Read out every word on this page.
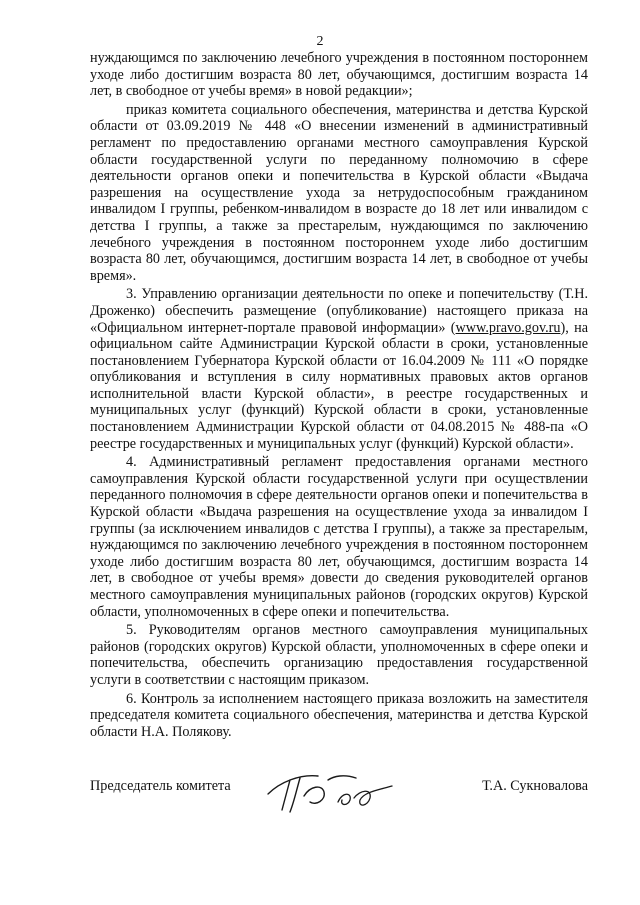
2

нуждающимся по заключению лечебного учреждения в постоянном постороннем уходе либо достигшим возраста 80 лет, обучающимся, достигшим возраста 14 лет, в свободное от учебы время» в новой редакции»;

приказ комитета социального обеспечения, материнства и детства Курской области от 03.09.2019 № 448 «О внесении изменений в административный регламент по предоставлению органами местного самоуправления Курской области государственной услуги по переданному полномочию в сфере деятельности органов опеки и попечительства в Курской области «Выдача разрешения на осуществление ухода за нетрудоспособным гражданином инвалидом I группы, ребенком-инвалидом в возрасте до 18 лет или инвалидом с детства I группы, а также за престарелым, нуждающимся по заключению лечебного учреждения в постоянном постороннем уходе либо достигшим возраста 80 лет, обучающимся, достигшим возраста 14 лет, в свободное от учебы время».

3. Управлению организации деятельности по опеке и попечительству (Т.Н. Дроженко) обеспечить размещение (опубликование) настоящего приказа на «Официальном интернет-портале правовой информации» (www.pravo.gov.ru), на официальном сайте Администрации Курской области в сроки, установленные постановлением Губернатора Курской области от 16.04.2009 № 111 «О порядке опубликования и вступления в силу нормативных правовых актов органов исполнительной власти Курской области», в реестре государственных и муниципальных услуг (функций) Курской области в сроки, установленные постановлением Администрации Курской области от 04.08.2015 № 488-па «О реестре государственных и муниципальных услуг (функций) Курской области».

4. Административный регламент предоставления органами местного самоуправления Курской области государственной услуги при осуществлении переданного полномочия в сфере деятельности органов опеки и попечительства в Курской области «Выдача разрешения на осуществление ухода за инвалидом I группы (за исключением инвалидов с детства I группы), а также за престарелым, нуждающимся по заключению лечебного учреждения в постоянном постороннем уходе либо достигшим возраста 80 лет, обучающимся, достигшим возраста 14 лет, в свободное от учебы время» довести до сведения руководителей органов местного самоуправления муниципальных районов (городских округов) Курской области, уполномоченных в сфере опеки и попечительства.

5. Руководителям органов местного самоуправления муниципальных районов (городских округов) Курской области, уполномоченных в сфере опеки и попечительства, обеспечить организацию предоставления государственной услуги в соответствии с настоящим приказом.

6. Контроль за исполнением настоящего приказа возложить на заместителя председателя комитета социального обеспечения, материнства и детства Курской области Н.А. Полякову.

Председатель комитета	Т.А. Сукновалова
